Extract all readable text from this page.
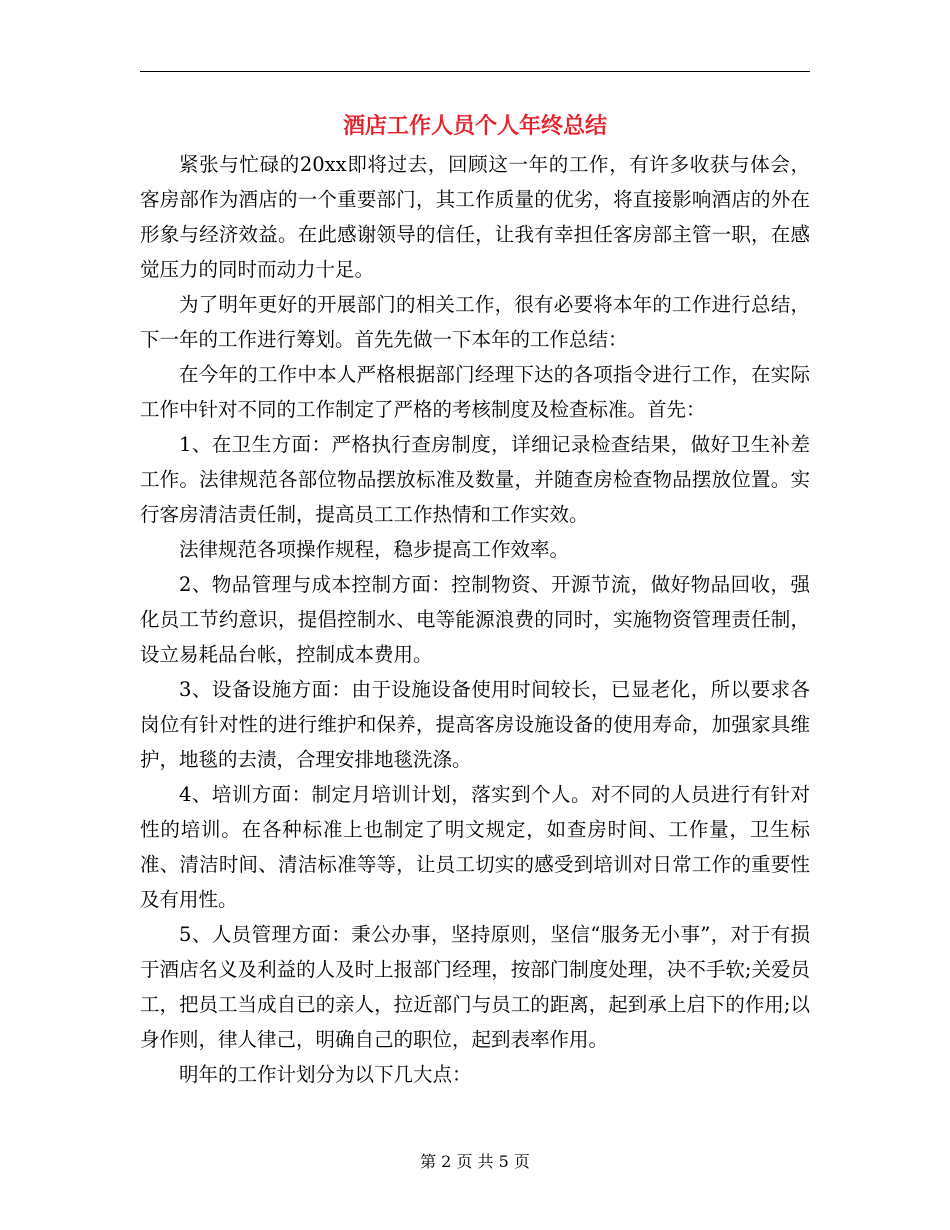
酒店工作人员个人年终总结

紧张与忙碌的20xx即将过去，回顾这一年的工作，有许多收获与体会，客房部作为酒店的一个重要部门，其工作质量的优劣，将直接影响酒店的外在形象与经济效益。在此感谢领导的信任，让我有幸担任客房部主管一职，在感觉压力的同时而动力十足。

为了明年更好的开展部门的相关工作，很有必要将本年的工作进行总结，下一年的工作进行筹划。首先先做一下本年的工作总结：

在今年的工作中本人严格根据部门经理下达的各项指令进行工作，在实际工作中针对不同的工作制定了严格的考核制度及检查标准。首先：

1、在卫生方面：严格执行查房制度，详细记录检查结果，做好卫生补差工作。法律规范各部位物品摆放标准及数量，并随查房检查物品摆放位置。实行客房清洁责任制，提高员工工作热情和工作实效。

法律规范各项操作规程，稳步提高工作效率。

2、物品管理与成本控制方面：控制物资、开源节流，做好物品回收，强化员工节约意识，提倡控制水、电等能源浪费的同时，实施物资管理责任制，设立易耗品台帐，控制成本费用。

3、设备设施方面：由于设施设备使用时间较长，已显老化，所以要求各岗位有针对性的进行维护和保养，提高客房设施设备的使用寿命，加强家具维护，地毯的去渍，合理安排地毯洗涤。

4、培训方面：制定月培训计划，落实到个人。对不同的人员进行有针对性的培训。在各种标准上也制定了明文规定，如查房时间、工作量，卫生标准、清洁时间、清洁标准等等，让员工切实的感受到培训对日常工作的重要性及有用性。

5、人员管理方面：秉公办事，坚持原则，坚信“服务无小事”，对于有损于酒店名义及利益的人及时上报部门经理，按部门制度处理，决不手软;关爱员工，把员工当成自已的亲人，拉近部门与员工的距离，起到承上启下的作用;以身作则，律人律己，明确自己的职位，起到表率作用。

明年的工作计划分为以下几大点：

第 2 页 共 5 页
